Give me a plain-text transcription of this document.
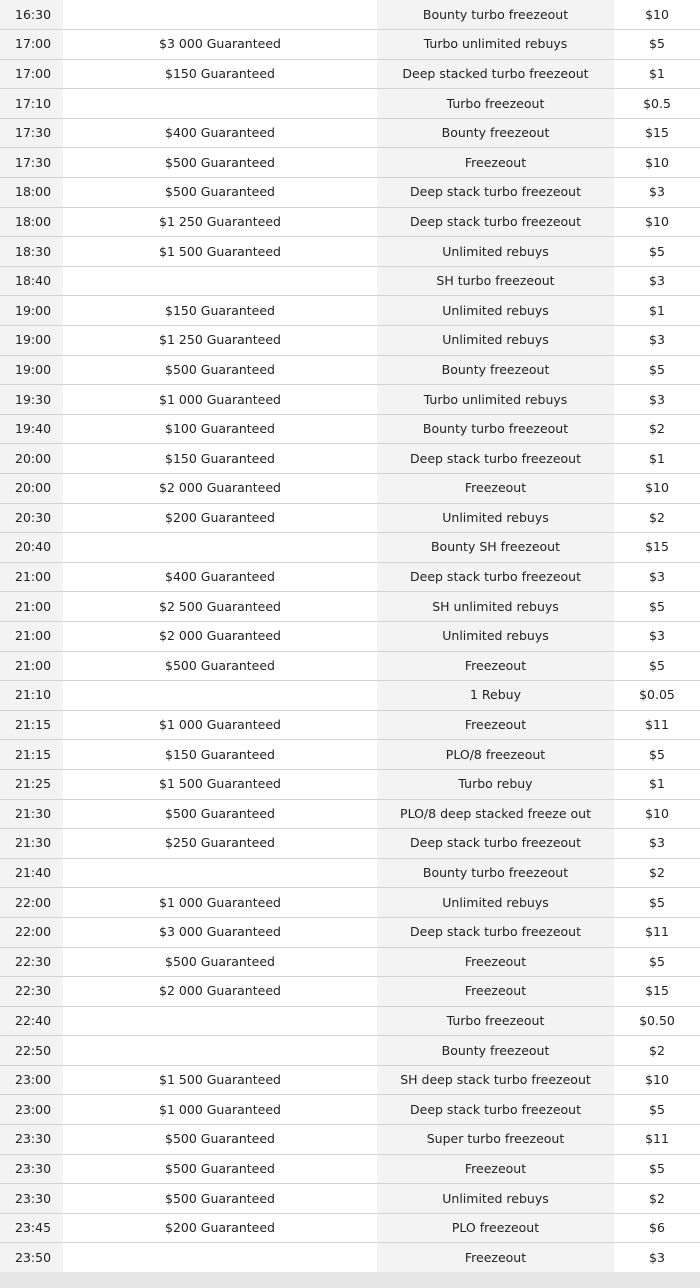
16:30		Bounty turbo freezeout	$10
17:00	$3 000 Guaranteed	Turbo unlimited rebuys	$5
17:00	$150 Guaranteed	Deep stacked turbo freezeout	$1
17:10		Turbo freezeout	$0.5
17:30	$400 Guaranteed	Bounty freezeout	$15
17:30	$500 Guaranteed	Freezeout	$10
18:00	$500 Guaranteed	Deep stack turbo freezeout	$3
18:00	$1 250 Guaranteed	Deep stack turbo freezeout	$10
18:30	$1 500 Guaranteed	Unlimited rebuys	$5
18:40		SH turbo freezeout	$3
19:00	$150 Guaranteed	Unlimited rebuys	$1
19:00	$1 250 Guaranteed	Unlimited rebuys	$3
19:00	$500 Guaranteed	Bounty freezeout	$5
19:30	$1 000 Guaranteed	Turbo unlimited rebuys	$3
19:40	$100 Guaranteed	Bounty turbo freezeout	$2
20:00	$150 Guaranteed	Deep stack turbo freezeout	$1
20:00	$2 000 Guaranteed	Freezeout	$10
20:30	$200 Guaranteed	Unlimited rebuys	$2
20:40		Bounty SH freezeout	$15
21:00	$400 Guaranteed	Deep stack turbo freezeout	$3
21:00	$2 500 Guaranteed	SH unlimited rebuys	$5
21:00	$2 000 Guaranteed	Unlimited rebuys	$3
21:00	$500 Guaranteed	Freezeout	$5
21:10		1 Rebuy	$0.05
21:15	$1 000 Guaranteed	Freezeout	$11
21:15	$150 Guaranteed	PLO/8 freezeout	$5
21:25	$1 500 Guaranteed	Turbo rebuy	$1
21:30	$500 Guaranteed	PLO/8 deep stacked freeze out	$10
21:30	$250 Guaranteed	Deep stack turbo freezeout	$3
21:40		Bounty turbo freezeout	$2
22:00	$1 000 Guaranteed	Unlimited rebuys	$5
22:00	$3 000 Guaranteed	Deep stack turbo freezeout	$11
22:30	$500 Guaranteed	Freezeout	$5
22:30	$2 000 Guaranteed	Freezeout	$15
22:40		Turbo freezeout	$0.50
22:50		Bounty freezeout	$2
23:00	$1 500 Guaranteed	SH deep stack turbo freezeout	$10
23:00	$1 000 Guaranteed	Deep stack turbo freezeout	$5
23:30	$500 Guaranteed	Super turbo freezeout	$11
23:30	$500 Guaranteed	Freezeout	$5
23:30	$500 Guaranteed	Unlimited rebuys	$2
23:45	$200 Guaranteed	PLO freezeout	$6
23:50		Freezeout	$3
